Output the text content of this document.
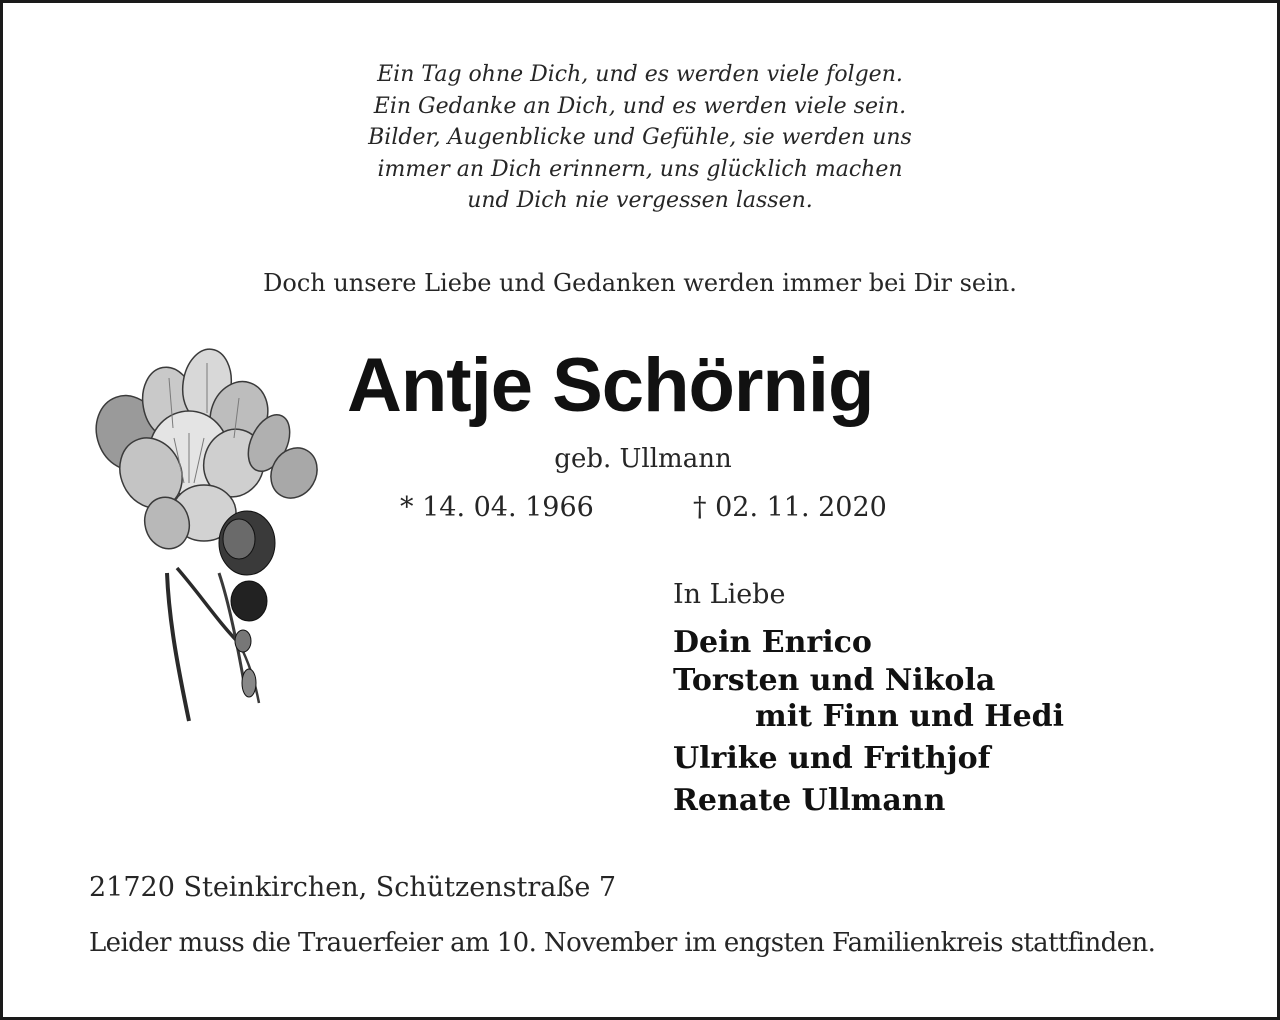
Ein Tag ohne Dich, und es werden viele folgen.
Ein Gedanke an Dich, und es werden viele sein.
Bilder, Augenblicke und Gefühle, sie werden uns
immer an Dich erinnern, uns glücklich machen
und Dich nie vergessen lassen.
Doch unsere Liebe und Gedanken werden immer bei Dir sein.
Antje Schörnig
geb. Ullmann
* 14. 04. 1966	† 02. 11. 2020
In Liebe
Dein Enrico
Torsten und Nikola
mit Finn und Hedi
Ulrike und Frithjof
Renate Ullmann
21720 Steinkirchen, Schützenstraße 7
Leider muss die Trauerfeier am 10. November im engsten Familienkreis stattfinden.
